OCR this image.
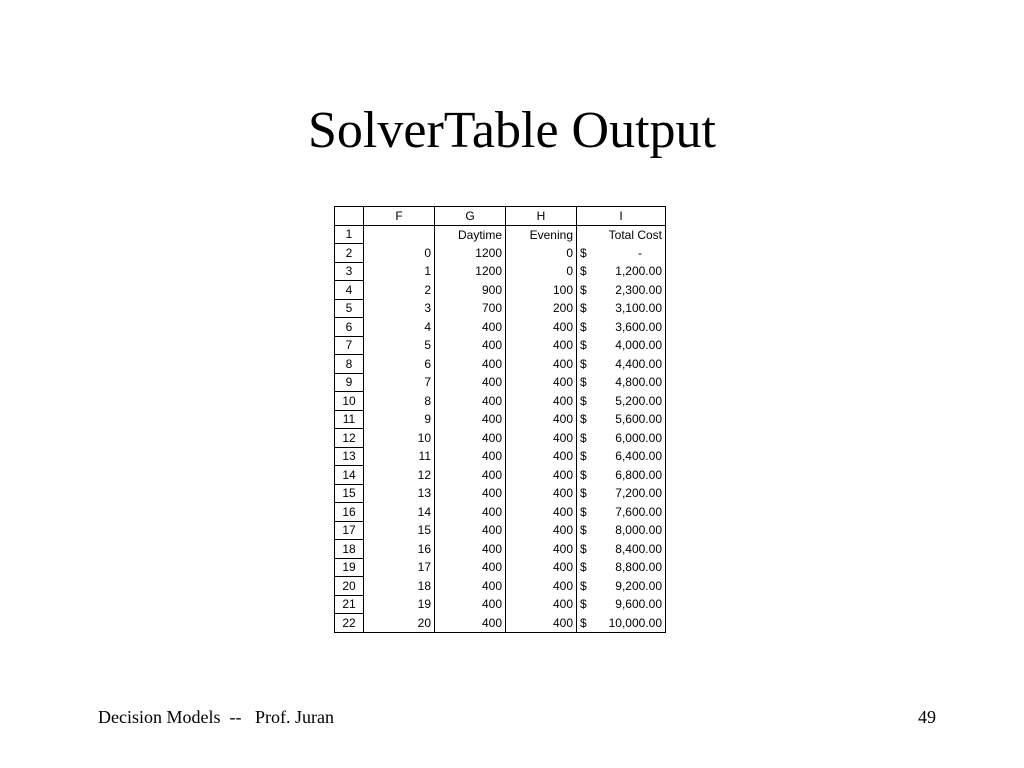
SolverTable Output
	F	G	H	I
1		Daytime	Evening	Total Cost
2	0	1200	0	$ -
3	1	1200	0	$ 1,200.00
4	2	900	100	$ 2,300.00
5	3	700	200	$ 3,100.00
6	4	400	400	$ 3,600.00
7	5	400	400	$ 4,000.00
8	6	400	400	$ 4,400.00
9	7	400	400	$ 4,800.00
10	8	400	400	$ 5,200.00
11	9	400	400	$ 5,600.00
12	10	400	400	$ 6,000.00
13	11	400	400	$ 6,400.00
14	12	400	400	$ 6,800.00
15	13	400	400	$ 7,200.00
16	14	400	400	$ 7,600.00
17	15	400	400	$ 8,000.00
18	16	400	400	$ 8,400.00
19	17	400	400	$ 8,800.00
20	18	400	400	$ 9,200.00
21	19	400	400	$ 9,600.00
22	20	400	400	$ 10,000.00
Decision Models  --   Prof. Juran	49
